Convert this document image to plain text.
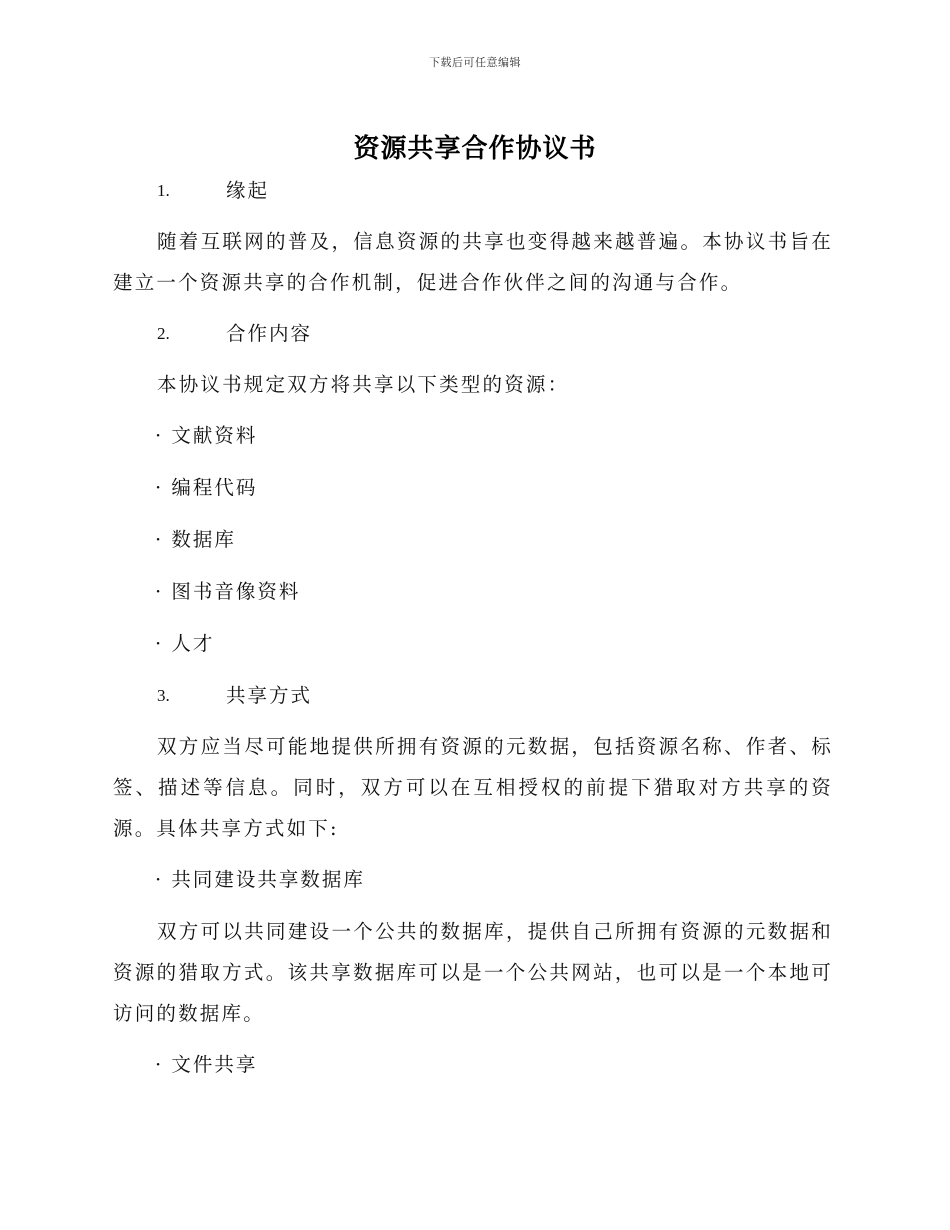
下载后可任意编辑
资源共享合作协议书
1.	缘起

随着互联网的普及，信息资源的共享也变得越来越普遍。本协议书旨在建立一个资源共享的合作机制，促进合作伙伴之间的沟通与合作。

2.	合作内容

本协议书规定双方将共享以下类型的资源：

· 文献资料
· 编程代码
· 数据库
· 图书音像资料
· 人才
3.	共享方式

双方应当尽可能地提供所拥有资源的元数据，包括资源名称、作者、标签、描述等信息。同时，双方可以在互相授权的前提下猎取对方共享的资源。具体共享方式如下:

· 共同建设共享数据库

双方可以共同建设一个公共的数据库，提供自己所拥有资源的元数据和资源的猎取方式。该共享数据库可以是一个公共网站，也可以是一个本地可访问的数据库。

· 文件共享
